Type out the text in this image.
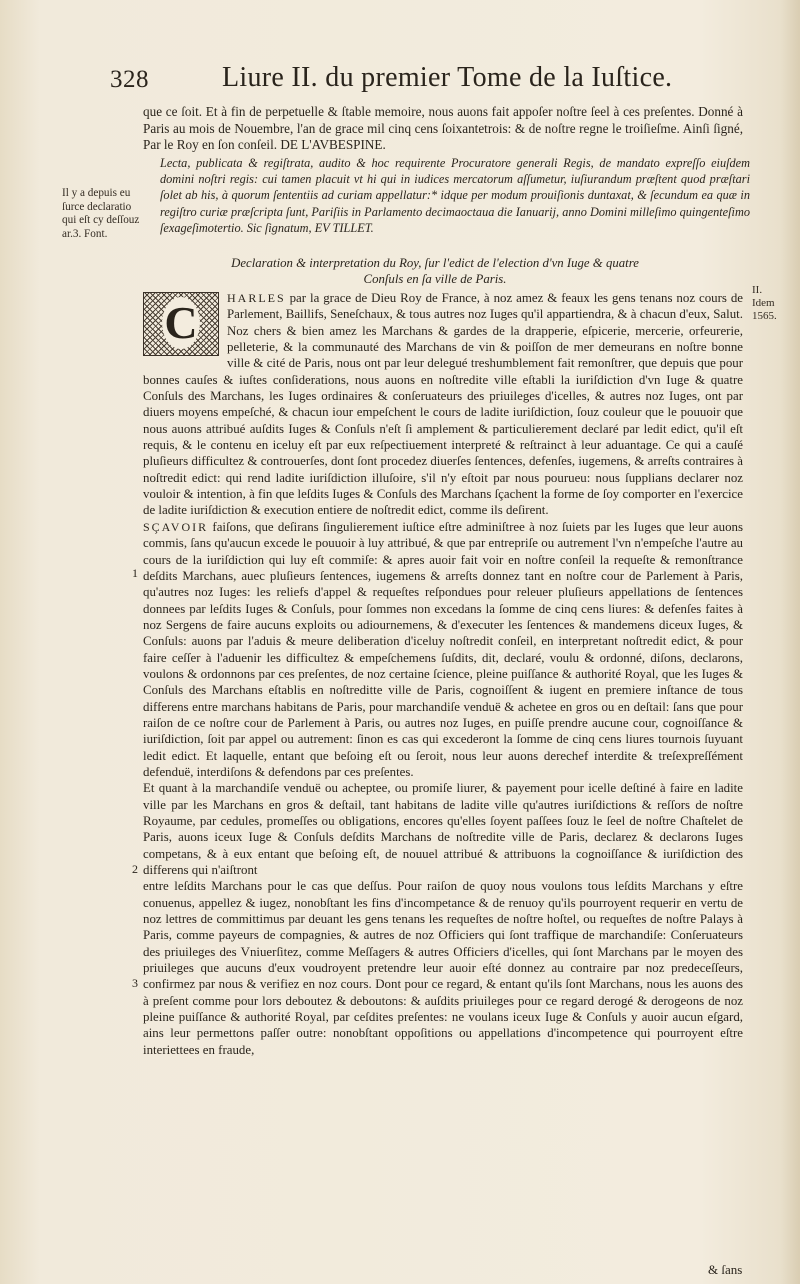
328	Liure II. du premier Tome de la Iuſtice.

que ce ſoit. Et à fin de perpetuelle & ſtable memoire, nous auons fait appoſer noſtre ſeel à ces preſentes. Donné à Paris au mois de Nouembre, l'an de grace mil cinq cens ſoixantetrois: & de noſtre regne le troiſieſme. Ainſi ſigné, Par le Roy en ſon conſeil. DE L'AVBESPINE.

Lecta, publicata & regiſtrata, audito & hoc requirente Procuratore generali Regis, de mandato expreſſo eiuſdem domini noſtri regis: cui tamen placuit vt hi qui in iudices mercatorum aſſumetur, iuſiurandum præſtent quod præſtari ſolet ab his, à quorum ſententiis ad curiam appellatur:* idque per modum prouiſionis duntaxat, & ſecundum ea quæ in regiſtro curiæ præſcripta ſunt, Pariſiis in Parlamento decimaoctaua die Ianuarij, anno Domini milleſimo quingenteſimo ſexageſimotertio. Sic ſignatum, EV TILLET.
Il y a depuis eu ſurce declaratio qui eſt cy deſſouz ar.3. Font.
Declaration & interpretation du Roy, ſur l'edict de l'election d'vn Iuge & quatre Conſuls en ſa ville de Paris.
II.
Idem
1565.

C HARLES par la grace de Dieu Roy de France, à noz amez & feaux les gens tenans noz cours de Parlement, Baillifs, Seneſchaux, & tous autres noz Iuges qu'il appartiendra, & à chacun d'eux, Salut. Noz chers & bien amez les Marchans & gardes de la drapperie, eſpicerie, mercerie, orfeurerie, pelleterie, & la communauté des Marchans de vin & poiſſon de mer demeurans en noſtre bonne ville & cité de Paris, nous ont par leur delegué treshumblement fait remonſtrer, que depuis que pour bonnes cauſes & iuſtes conſiderations, nous auons en noſtredite ville eſtabli la iuriſdiction d'vn Iuge & quatre Conſuls des Marchans, les Iuges ordinaires & conſeruateurs des priuileges d'icelles, & autres noz Iuges, ont par diuers moyens empeſché, & chacun iour empeſchent le cours de ladite iuriſdiction, ſouz couleur que le pouuoir que nous auons attribué auſdits Iuges & Conſuls n'eſt ſi amplement & particulierement declaré par ledit edict, qu'il eſt requis, & le contenu en iceluy eſt par eux reſpectiuement interpreté & reſtrainct à leur aduantage. Ce qui a cauſé pluſieurs difficultez & controuerſes, dont ſont procedez diuerſes ſentences, defenſes, iugemens, & arreſts contraires à noſtredit edict: qui rend ladite iuriſdiction illuſoire, s'il n'y eſtoit par nous pourueu: nous ſupplians declarer noz vouloir & intention, à fin que leſdits Iuges & Conſuls des Marchans ſçachent la forme de ſoy comporter en l'exercice de ladite iuriſdiction & execution entiere de noſtredit edict, comme ils deſirent.

SÇAVOIR faiſons, que deſirans ſingulierement iuſtice eſtre adminiſtree à noz ſuiets par les Iuges que leur auons commis, ſans qu'aucun excede le pouuoir à luy attribué, & que par entrepriſe ou autrement l'vn n'empeſche l'autre au cours de la iuriſdiction qui luy eſt commiſe: & apres auoir fait voir en noſtre conſeil la requeſte & remonſtrance deſdits Marchans, auec pluſieurs ſentences, iugemens & arreſts donnez tant en noſtre cour de Parlement à Paris, qu'autres noz Iuges: les reliefs d'appel & requeſtes reſpondues pour releuer pluſieurs appellations de ſentences donnees par leſdits Iuges & Conſuls, pour ſommes non excedans la ſomme de cinq cens liures: & defenſes faites à noz Sergens de faire aucuns exploits ou adiournemens, & d'executer les ſentences & mandemens diceux Iuges, & Conſuls: auons par l'aduis & meure deliberation d'iceluy noſtredit conſeil, en interpretant noſtredit edict, & pour faire ceſſer à l'aduenir les difficultez & empeſchemens ſuſdits, dit, declaré, voulu & ordonné, diſons, declarons, voulons & ordonnons par ces preſentes, de noz certaine ſcience, pleine puiſſance & authorité Royal, que les Iuges & Conſuls des Marchans eſtablis en noſtreditte ville de Paris, cognoiſſent & iugent en premiere inſtance de tous differens entre marchans habitans de Paris, pour marchandiſe venduë & achetee en gros ou en deſtail: ſans que pour raiſon de ce noſtre cour de Parlement à Paris, ou autres noz Iuges, en puiſſe prendre aucune cour, cognoiſſance & iuriſdiction, ſoit par appel ou autrement: ſinon es cas qui excederont la ſomme de cinq cens liures tournois ſuyuant ledit edict. Et laquelle, entant que beſoing eſt ou ſeroit, nous leur auons derechef interdite & treſexpreſſément defenduë, interdiſons & defendons par ces preſentes.

Et quant à la marchandiſe venduë ou acheptee, ou promiſe liurer, & payement pour icelle deſtiné à faire en ladite ville par les Marchans en gros & deſtail, tant habitans de ladite ville qu'autres iuriſdictions & reſſors de noſtre Royaume, par cedules, promeſſes ou obligations, encores qu'elles ſoyent paſſees ſouz le ſeel de noſtre Chaſtelet de Paris, auons iceux Iuge & Conſuls deſdits Marchans de noſtredite ville de Paris, declarez & declarons Iuges competans, & à eux entant que beſoing eſt, de nouuel attribué & attribuons la cognoiſſance & iuriſdiction des differens qui n'aiſtront

entre leſdits Marchans pour le cas que deſſus. Pour raiſon de quoy nous voulons tous leſdits Marchans y eſtre conuenus, appellez & iugez, nonobſtant les fins d'incompetance & de renuoy qu'ils pourroyent requerir en vertu de noz lettres de committimus par deuant les gens tenans les requeſtes de noſtre hoſtel, ou requeſtes de noſtre Palays à Paris, comme payeurs de compagnies, & autres de noz Officiers qui ſont traffique de marchandiſe: Conſeruateurs des priuileges des Vniuerſitez, comme Meſſagers & autres Officiers d'icelles, qui ſont Marchans par le moyen des priuileges que aucuns d'eux voudroyent pretendre leur auoir eſté donnez au contraire par noz predeceſſeurs, confirmez par nous & verifiez en noz cours. Dont pour ce regard, & entant qu'ils ſont Marchans, nous les auons des à preſent comme pour lors deboutez & deboutons: & auſdits priuileges pour ce regard derogé & derogeons de noz pleine puiſſance & authorité Royal, par ceſdites preſentes: ne voulans iceux Iuge & Conſuls y auoir aucun eſgard, ains leur permettons paſſer outre: nonobſtant oppoſitions ou appellations d'incompetence qui pourroyent eſtre interiettees en fraude,

1
2
3
& ſans
